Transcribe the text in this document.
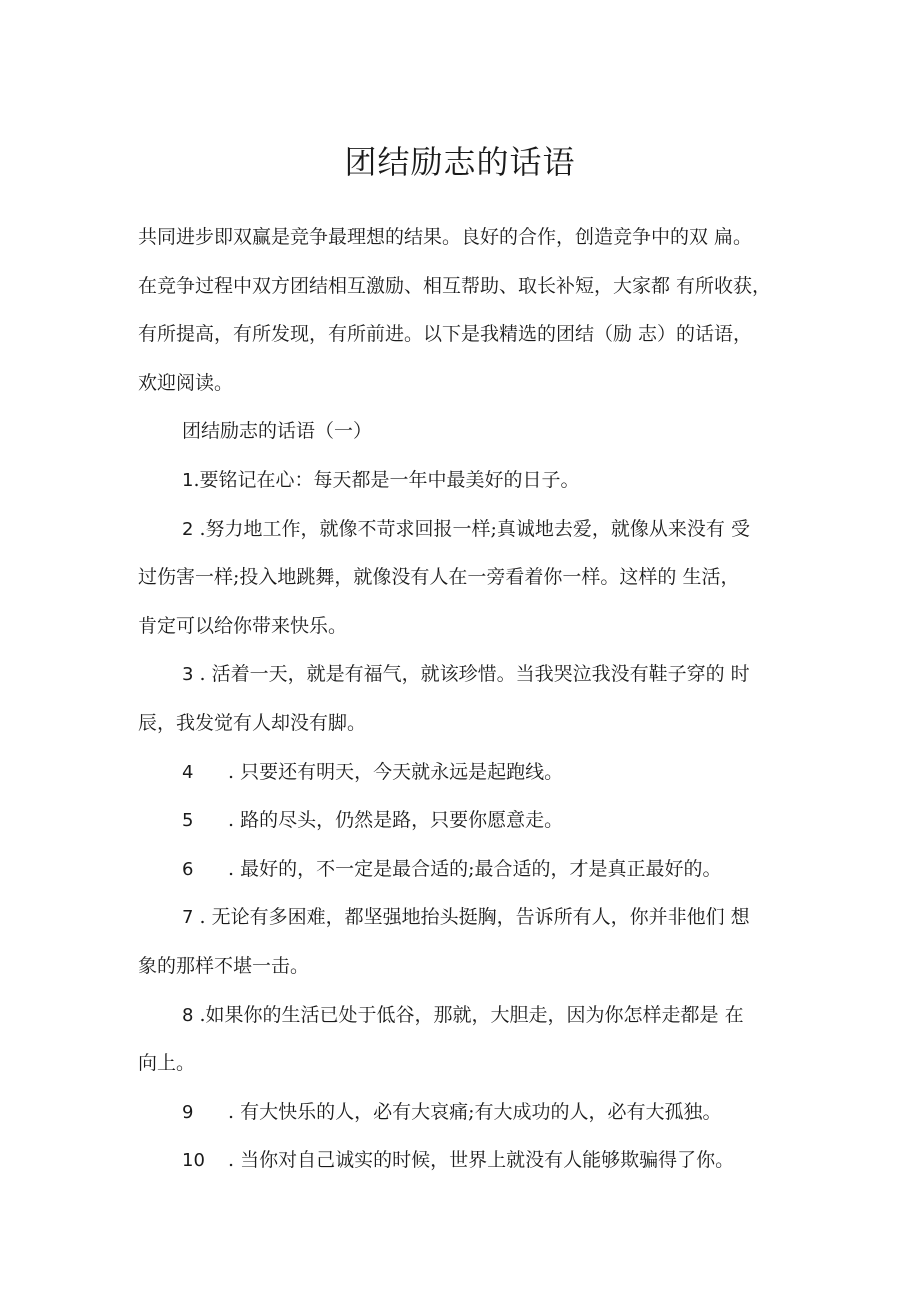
团结励志的话语
共同进步即双赢是竞争最理想的结果。良好的合作，创造竞争中的双 扁。
在竞争过程中双方团结相互激励、相互帮助、取长补短，大家都 有所收获，
有所提高，有所发现，有所前进。以下是我精选的团结（励 志）的话语，
欢迎阅读。
团结励志的话语（一）
1.要铭记在心：每天都是一年中最美好的日子。
2 .努力地工作，就像不苛求回报一样;真诚地去爱，就像从来没有 受
过伤害一样;投入地跳舞，就像没有人在一旁看着你一样。这样的 生活，
肯定可以给你带来快乐。
3 . 活着一天，就是有福气，就该珍惜。当我哭泣我没有鞋子穿的 时
辰，我发觉有人却没有脚。
4 . 只要还有明天，今天就永远是起跑线。
5 . 路的尽头，仍然是路，只要你愿意走。
6 . 最好的，不一定是最合适的;最合适的，才是真正最好的。
7 . 无论有多困难，都坚强地抬头挺胸，告诉所有人，你并非他们 想
象的那样不堪一击。
8 .如果你的生活已处于低谷，那就，大胆走，因为你怎样走都是 在
向上。
9 . 有大快乐的人，必有大哀痛;有大成功的人，必有大孤独。
10 . 当你对自己诚实的时候，世界上就没有人能够欺骗得了你。
